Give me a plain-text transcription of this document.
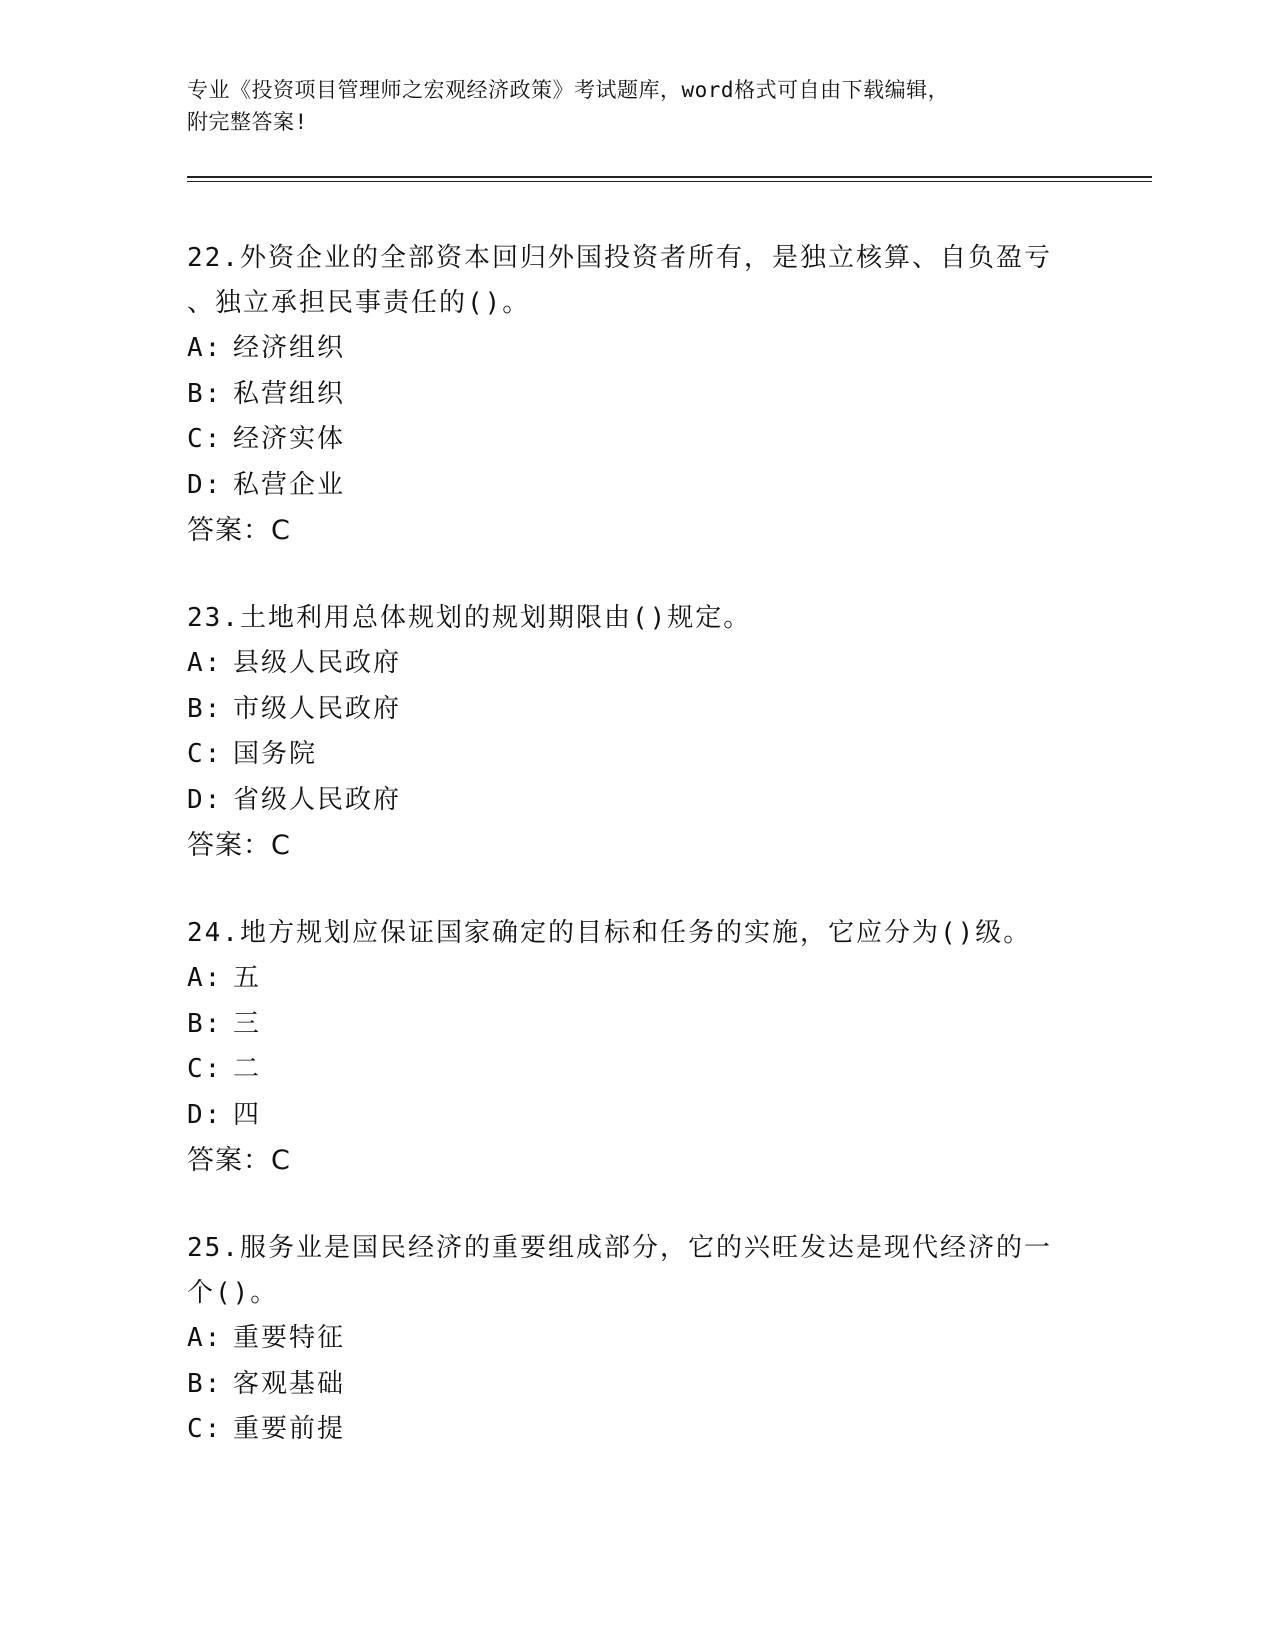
专业《投资项目管理师之宏观经济政策》考试题库，word格式可自由下载编辑，
附完整答案!
22.外资企业的全部资本回归外国投资者所有，是独立核算、自负盈亏
、独立承担民事责任的()。
A: 经济组织
B: 私营组织
C: 经济实体
D: 私营企业
答案：C
23.土地利用总体规划的规划期限由()规定。
A: 县级人民政府
B: 市级人民政府
C: 国务院
D: 省级人民政府
答案：C
24.地方规划应保证国家确定的目标和任务的实施，它应分为()级。
A: 五
B: 三
C: 二
D: 四
答案：C
25.服务业是国民经济的重要组成部分，它的兴旺发达是现代经济的一
个()。
A: 重要特征
B: 客观基础
C: 重要前提
